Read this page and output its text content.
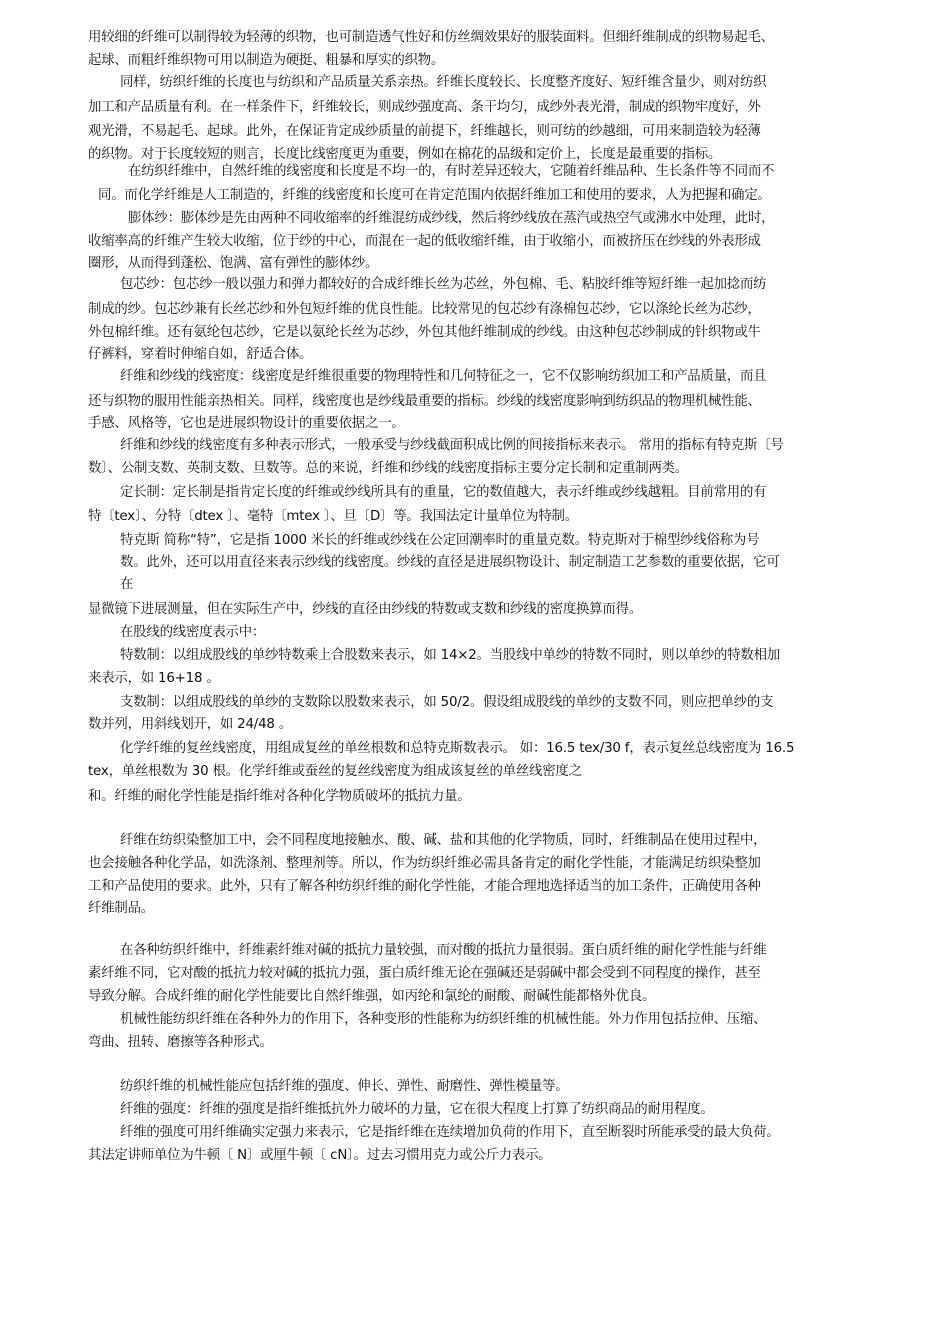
用较细的纤维可以制得较为轻薄的织物，也可制造透气性好和仿丝绸效果好的服装面料。但细纤维制成的织物易起毛、
起球、而粗纤维织物可用以制造为硬挺、粗暴和厚实的织物。
同样，纺织纤维的长度也与纺织和产品质量关系亲热。纤维长度较长、长度整齐度好、短纤维含量少，则对纺织
加工和产品质量有利。在一样条件下，纤维较长，则成纱强度高、条干均匀，成纱外表光滑，制成的织物牢度好，外
观光滑，不易起毛、起球。此外，在保证肯定成纱质量的前提下，纤维越长，则可纺的纱越细，可用来制造较为轻薄
的织物。对于长度较短的则言，长度比线密度更为重要，例如在棉花的品级和定价上，长度是最重要的指标。
在纺织纤维中，自然纤维的线密度和长度是不均一的，有时差异还较大，它随着纤维品种、生长条件等不同而不
同。而化学纤维是人工制造的，纤维的线密度和长度可在肯定范围内依据纤维加工和使用的要求，人为把握和确定。
膨体纱：膨体纱是先由两种不同收缩率的纤维混纺成纱线，然后将纱线放在蒸汽或热空气或沸水中处理，此时，
收缩率高的纤维产生较大收缩，位于纱的中心，而混在一起的低收缩纤维，由于收缩小，而被挤压在纱线的外表形成
圈形，从而得到蓬松、饱满、富有弹性的膨体纱。
包芯纱：包芯纱一般以强力和弹力都较好的合成纤维长丝为芯丝，外包棉、毛、粘胶纤维等短纤维一起加捻而纺
制成的纱。包芯纱兼有长丝芯纱和外包短纤维的优良性能。比较常见的包芯纱有涤棉包芯纱，它以涤纶长丝为芯纱，
外包棉纤维。还有氨纶包芯纱，它是以氨纶长丝为芯纱，外包其他纤维制成的纱线。由这种包芯纱制成的针织物或牛
仔裤料，穿着时伸缩自如，舒适合体。
纤维和纱线的线密度：线密度是纤维很重要的物理特性和几何特征之一，它不仅影响纺织加工和产品质量，而且
还与织物的服用性能亲热相关。同样，线密度也是纱线最重要的指标。纱线的线密度影响到纺织品的物理机械性能、
手感、风格等，它也是进展织物设计的重要依据之一。
纤维和纱线的线密度有多种表示形式，一般承受与纱线截面积成比例的间接指标来表示。 常用的指标有特克斯〔号
数〕、公制支数、英制支数、旦数等。总的来说，纤维和纱线的线密度指标主要分定长制和定重制两类。
定长制：定长制是指肯定长度的纤维或纱线所具有的重量，它的数值越大，表示纤维或纱线越粗。目前常用的有
特〔tex〕、分特〔dtex 〕、毫特〔mtex 〕、旦〔D〕等。我国法定计量单位为特制。
特克斯 简称“特”，它是指 1000 米长的纤维或纱线在公定回潮率时的重量克数。特克斯对于棉型纱线俗称为号
数。此外，还可以用直径来表示纱线的线密度。纱线的直径是进展织物设计、制定制造工艺参数的重要依据，它可
在
显微镜下进展测量，但在实际生产中，纱线的直径由纱线的特数或支数和纱线的密度换算而得。
在股线的线密度表示中：
特数制：以组成股线的单纱特数乘上合股数来表示，如 14×2。当股线中单纱的特数不同时，则以单纱的特数相加
来表示，如 16+18 。
支数制：以组成股线的单纱的支数除以股数来表示，如 50/2。假设组成股线的单纱的支数不同，则应把单纱的支
数并列，用斜线划开，如 24/48 。
化学纤维的复丝线密度，用组成复丝的单丝根数和总特克斯数表示。 如：16.5 tex/30 f，表示复丝总线密度为 16.5
tex，单丝根数为 30 根。化学纤维或蚕丝的复丝线密度为组成该复丝的单丝线密度之
和。纤维的耐化学性能是指纤维对各种化学物质破坏的抵抗力量。
纤维在纺织染整加工中，会不同程度地接触水、酸、碱、盐和其他的化学物质，同时，纤维制品在使用过程中，
也会接触各种化学品，如洗涤剂、整理剂等。所以，作为纺织纤维必需具备肯定的耐化学性能，才能满足纺织染整加
工和产品使用的要求。此外，只有了解各种纺织纤维的耐化学性能，才能合理地选择适当的加工条件，正确使用各种
纤维制品。
在各种纺织纤维中，纤维素纤维对碱的抵抗力量较强，而对酸的抵抗力量很弱。蛋白质纤维的耐化学性能与纤维
素纤维不同，它对酸的抵抗力较对碱的抵抗力强，蛋白质纤维无论在强碱还是弱碱中都会受到不同程度的操作，甚至
导致分解。合成纤维的耐化学性能要比自然纤维强，如丙纶和氯纶的耐酸、耐碱性能都格外优良。
机械性能纺织纤维在各种外力的作用下，各种变形的性能称为纺织纤维的机械性能。外力作用包括拉伸、压缩、
弯曲、扭转、磨擦等各种形式。
纺织纤维的机械性能应包括纤维的强度、伸长、弹性、耐磨性、弹性模量等。
纤维的强度：纤维的强度是指纤维抵抗外力破坏的力量，它在很大程度上打算了纺织商品的耐用程度。
纤维的强度可用纤维确实定强力来表示，它是指纤维在连续增加负荷的作用下，直至断裂时所能承受的最大负荷。
其法定讲师单位为牛顿〔 N〕或厘牛顿〔 cN〕。过去习惯用克力或公斤力表示。
